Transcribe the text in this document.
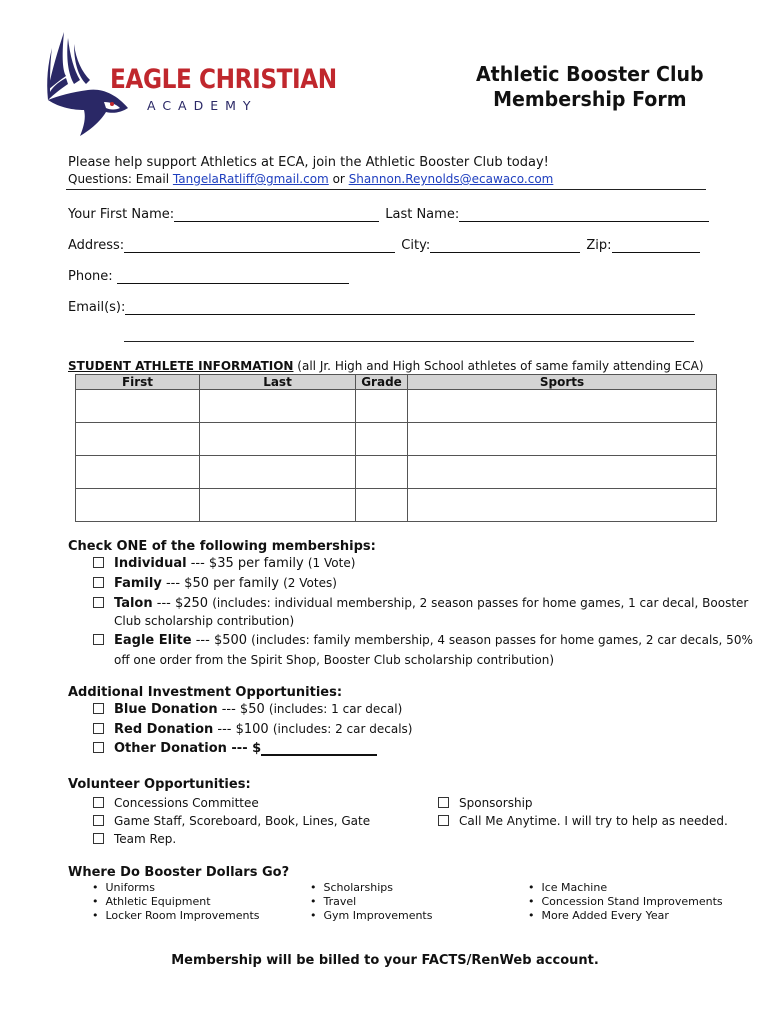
EAGLE CHRISTIAN
ACADEMY
Athletic Booster Club
Membership Form
Please help support Athletics at ECA, join the Athletic Booster Club today!
Questions: Email TangelaRatliff@gmail.com or Shannon.Reynolds@ecawaco.com
Your First Name:	Last Name:
Address:	City:	Zip:
Phone:
Email(s):
STUDENT ATHLETE INFORMATION (all Jr. High and High School athletes of same family attending ECA)
First	Last	Grade	Sports

Check ONE of the following memberships:
Individual --- $35 per family (1 Vote)
Family --- $50 per family (2 Votes)
Talon --- $250 (includes: individual membership, 2 season passes for home games, 1 car decal, Booster
Club scholarship contribution)
Eagle Elite --- $500 (includes: family membership, 4 season passes for home games, 2 car decals, 50%
off one order from the Spirit Shop, Booster Club scholarship contribution)
Additional Investment Opportunities:
Blue Donation --- $50 (includes: 1 car decal)
Red Donation --- $100 (includes: 2 car decals)
Other Donation --- $
Volunteer Opportunities:
Concessions Committee
Game Staff, Scoreboard, Book, Lines, Gate
Team Rep.
Sponsorship
Call Me Anytime. I will try to help as needed.
Where Do Booster Dollars Go?
• Uniforms
• Athletic Equipment
• Locker Room Improvements
• Scholarships
• Travel
• Gym Improvements
• Ice Machine
• Concession Stand Improvements
• More Added Every Year
Membership will be billed to your FACTS/RenWeb account.
